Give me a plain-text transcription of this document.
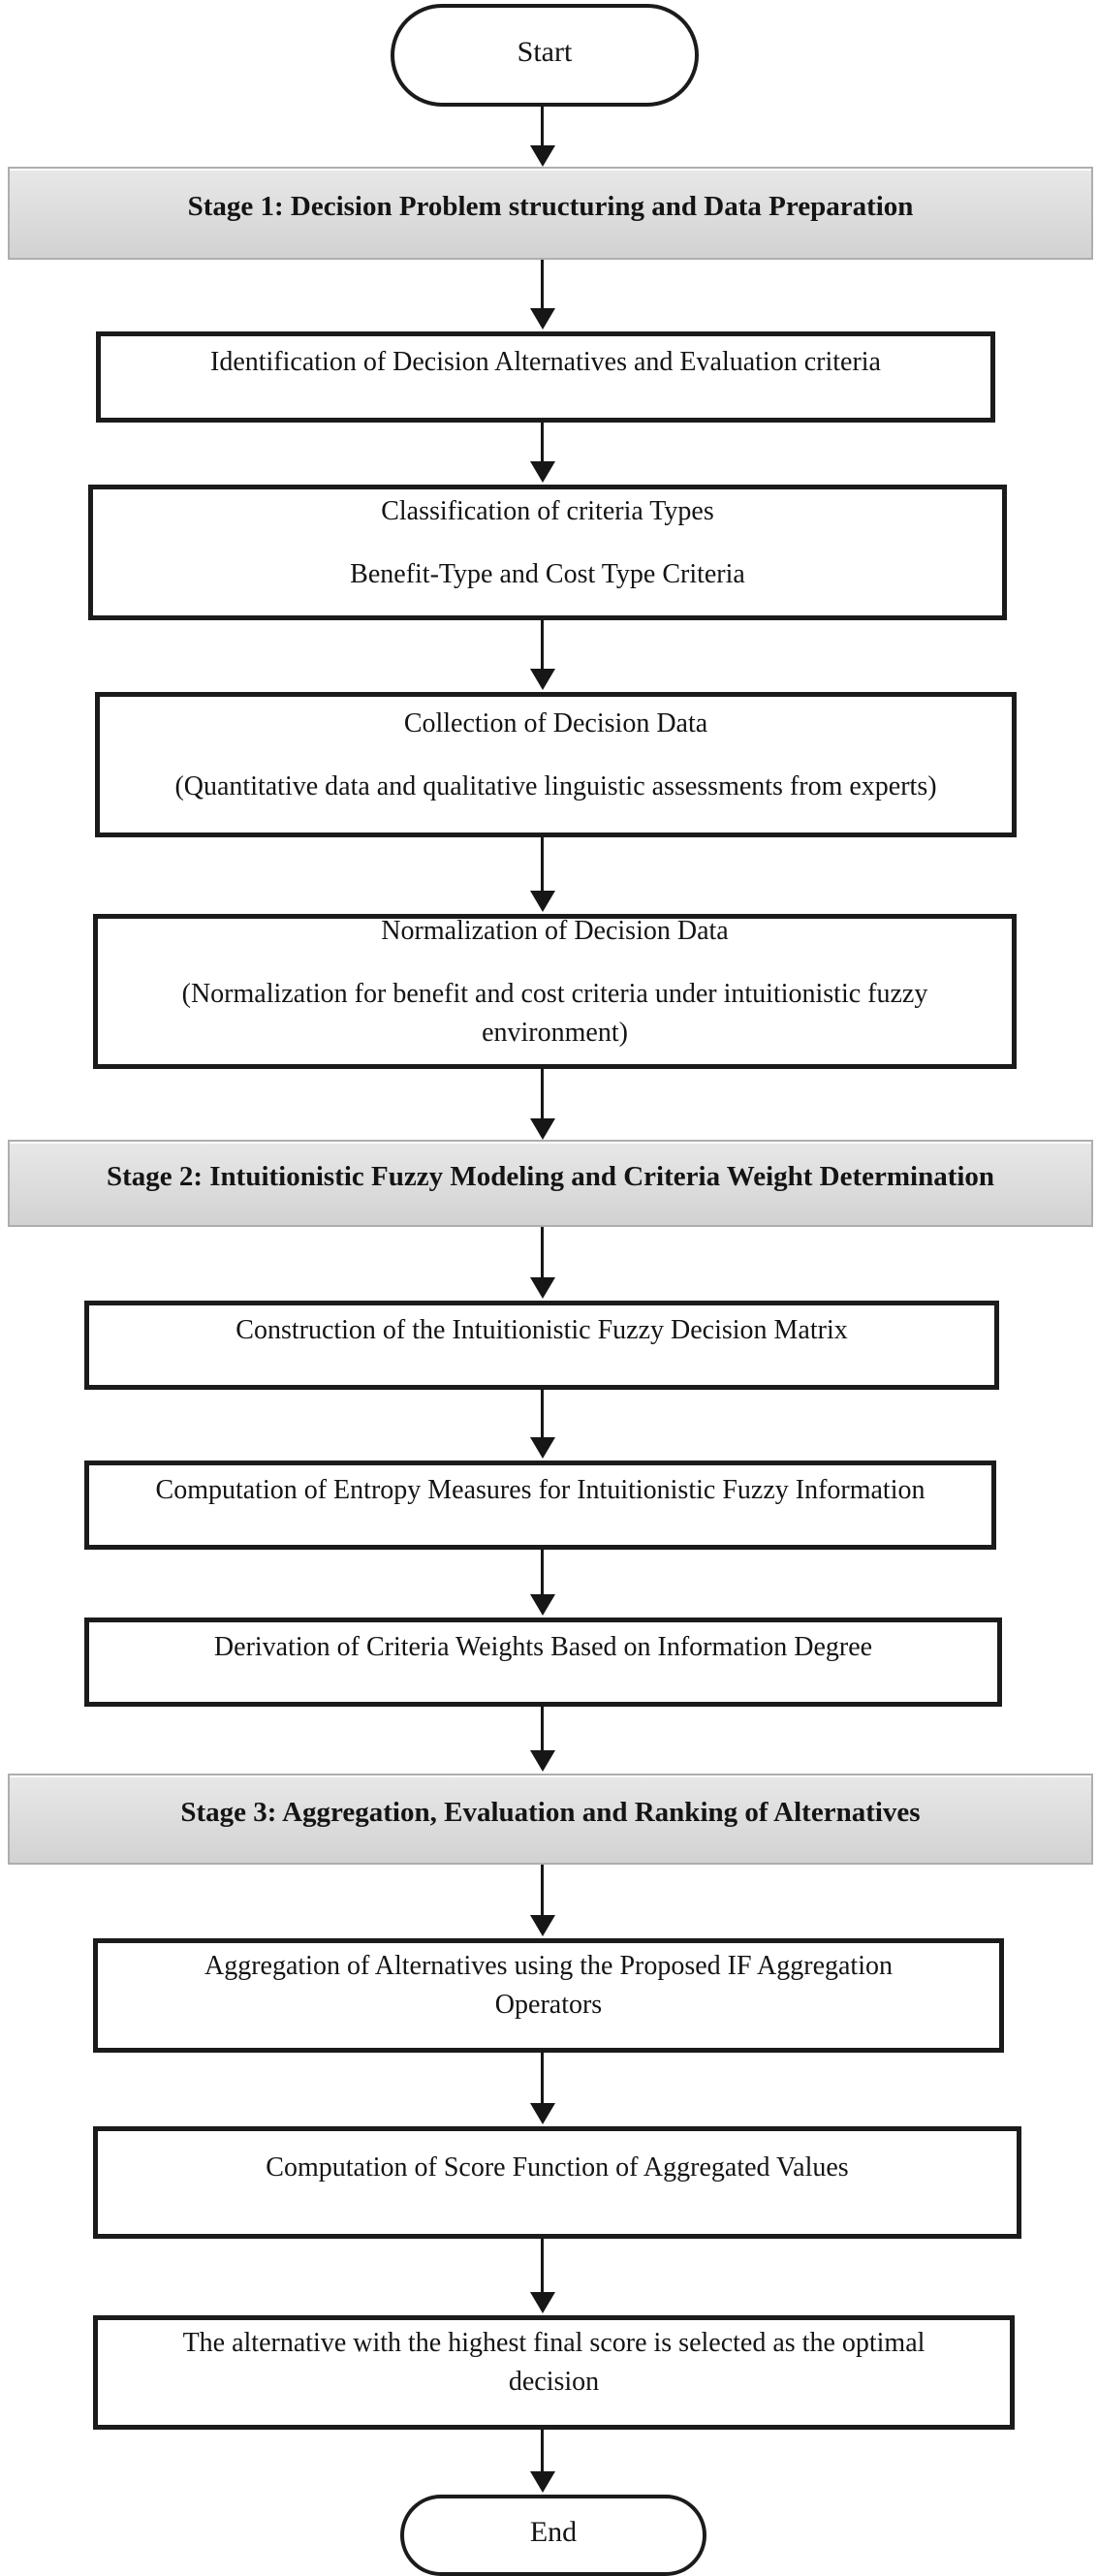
Start
Stage 1: Decision Problem structuring and Data Preparation
Identification of Decision Alternatives and Evaluation criteria
Classification of criteria Types
Benefit-Type and Cost Type Criteria
Collection of Decision Data
(Quantitative data and qualitative linguistic assessments from experts)
Normalization of Decision Data
(Normalization for benefit and cost criteria under intuitionistic fuzzy
environment)
Stage 2: Intuitionistic Fuzzy Modeling and Criteria Weight Determination
Construction of the Intuitionistic Fuzzy Decision Matrix
Computation of Entropy Measures for Intuitionistic Fuzzy Information
Derivation of Criteria Weights Based on Information Degree
Stage 3: Aggregation, Evaluation and Ranking of Alternatives
Aggregation of Alternatives using the Proposed IF Aggregation
Operators
Computation of Score Function of Aggregated Values
The alternative with the highest final score is selected as the optimal
decision
End
